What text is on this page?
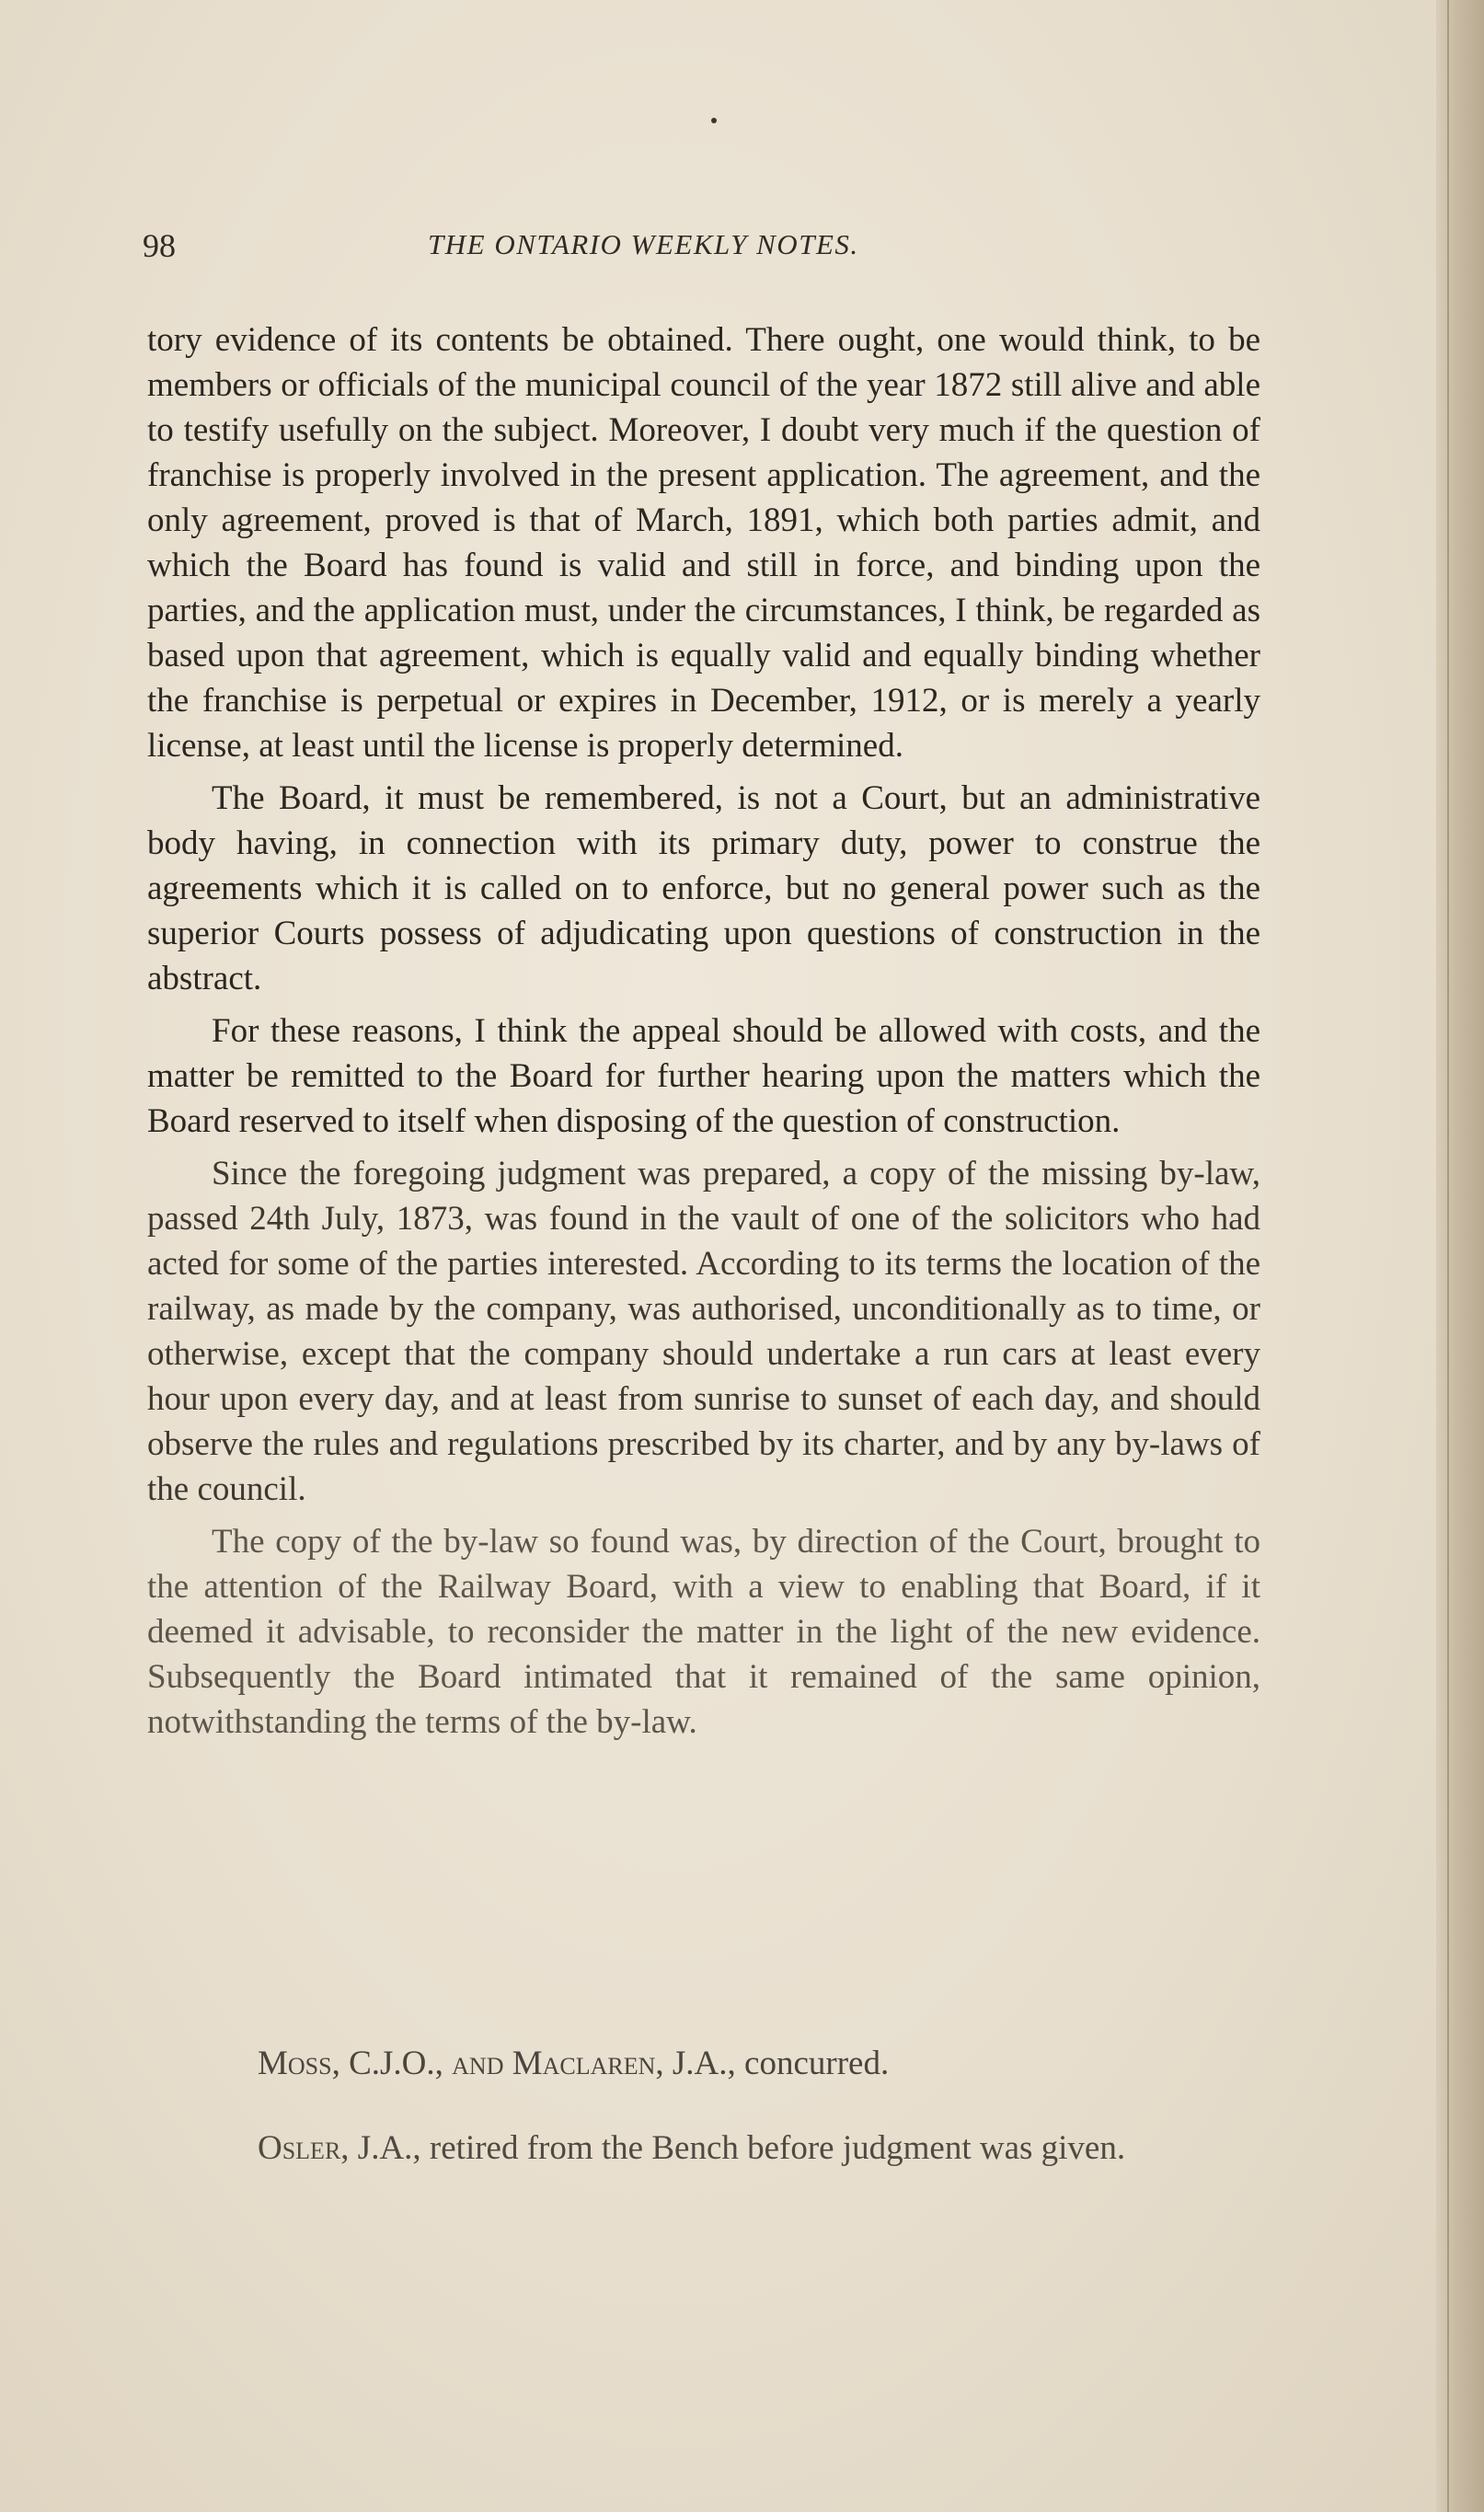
98	THE ONTARIO WEEKLY NOTES.

tory evidence of its contents be obtained. There ought, one would think, to be members or officials of the municipal council of the year 1872 still alive and able to testify usefully on the subject. Moreover, I doubt very much if the question of franchise is properly involved in the present application. The agreement, and the only agreement, proved is that of March, 1891, which both parties admit, and which the Board has found is valid and still in force, and binding upon the parties, and the application must, under the circumstances, I think, be regarded as based upon that agreement, which is equally valid and equally binding whether the franchise is perpetual or expires in December, 1912, or is merely a yearly license, at least until the license is properly determined.

The Board, it must be remembered, is not a Court, but an administrative body having, in connection with its primary duty, power to construe the agreements which it is called on to enforce, but no general power such as the superior Courts possess of adjudicating upon questions of construction in the abstract.

For these reasons, I think the appeal should be allowed with costs, and the matter be remitted to the Board for further hearing upon the matters which the Board reserved to itself when disposing of the question of construction.

Since the foregoing judgment was prepared, a copy of the missing by-law, passed 24th July, 1873, was found in the vault of one of the solicitors who had acted for some of the parties interested. According to its terms the location of the railway, as made by the company, was authorised, unconditionally as to time, or otherwise, except that the company should undertake a run cars at least every hour upon every day, and at least from sunrise to sunset of each day, and should observe the rules and regulations prescribed by its charter, and by any by-laws of the council.

The copy of the by-law so found was, by direction of the Court, brought to the attention of the Railway Board, with a view to enabling that Board, if it deemed it advisable, to reconsider the matter in the light of the new evidence. Subsequently the Board intimated that it remained of the same opinion, notwithstanding the terms of the by-law.

Moss, C.J.O., and Maclaren, J.A., concurred.
Osler, J.A., retired from the Bench before judgment was given.
